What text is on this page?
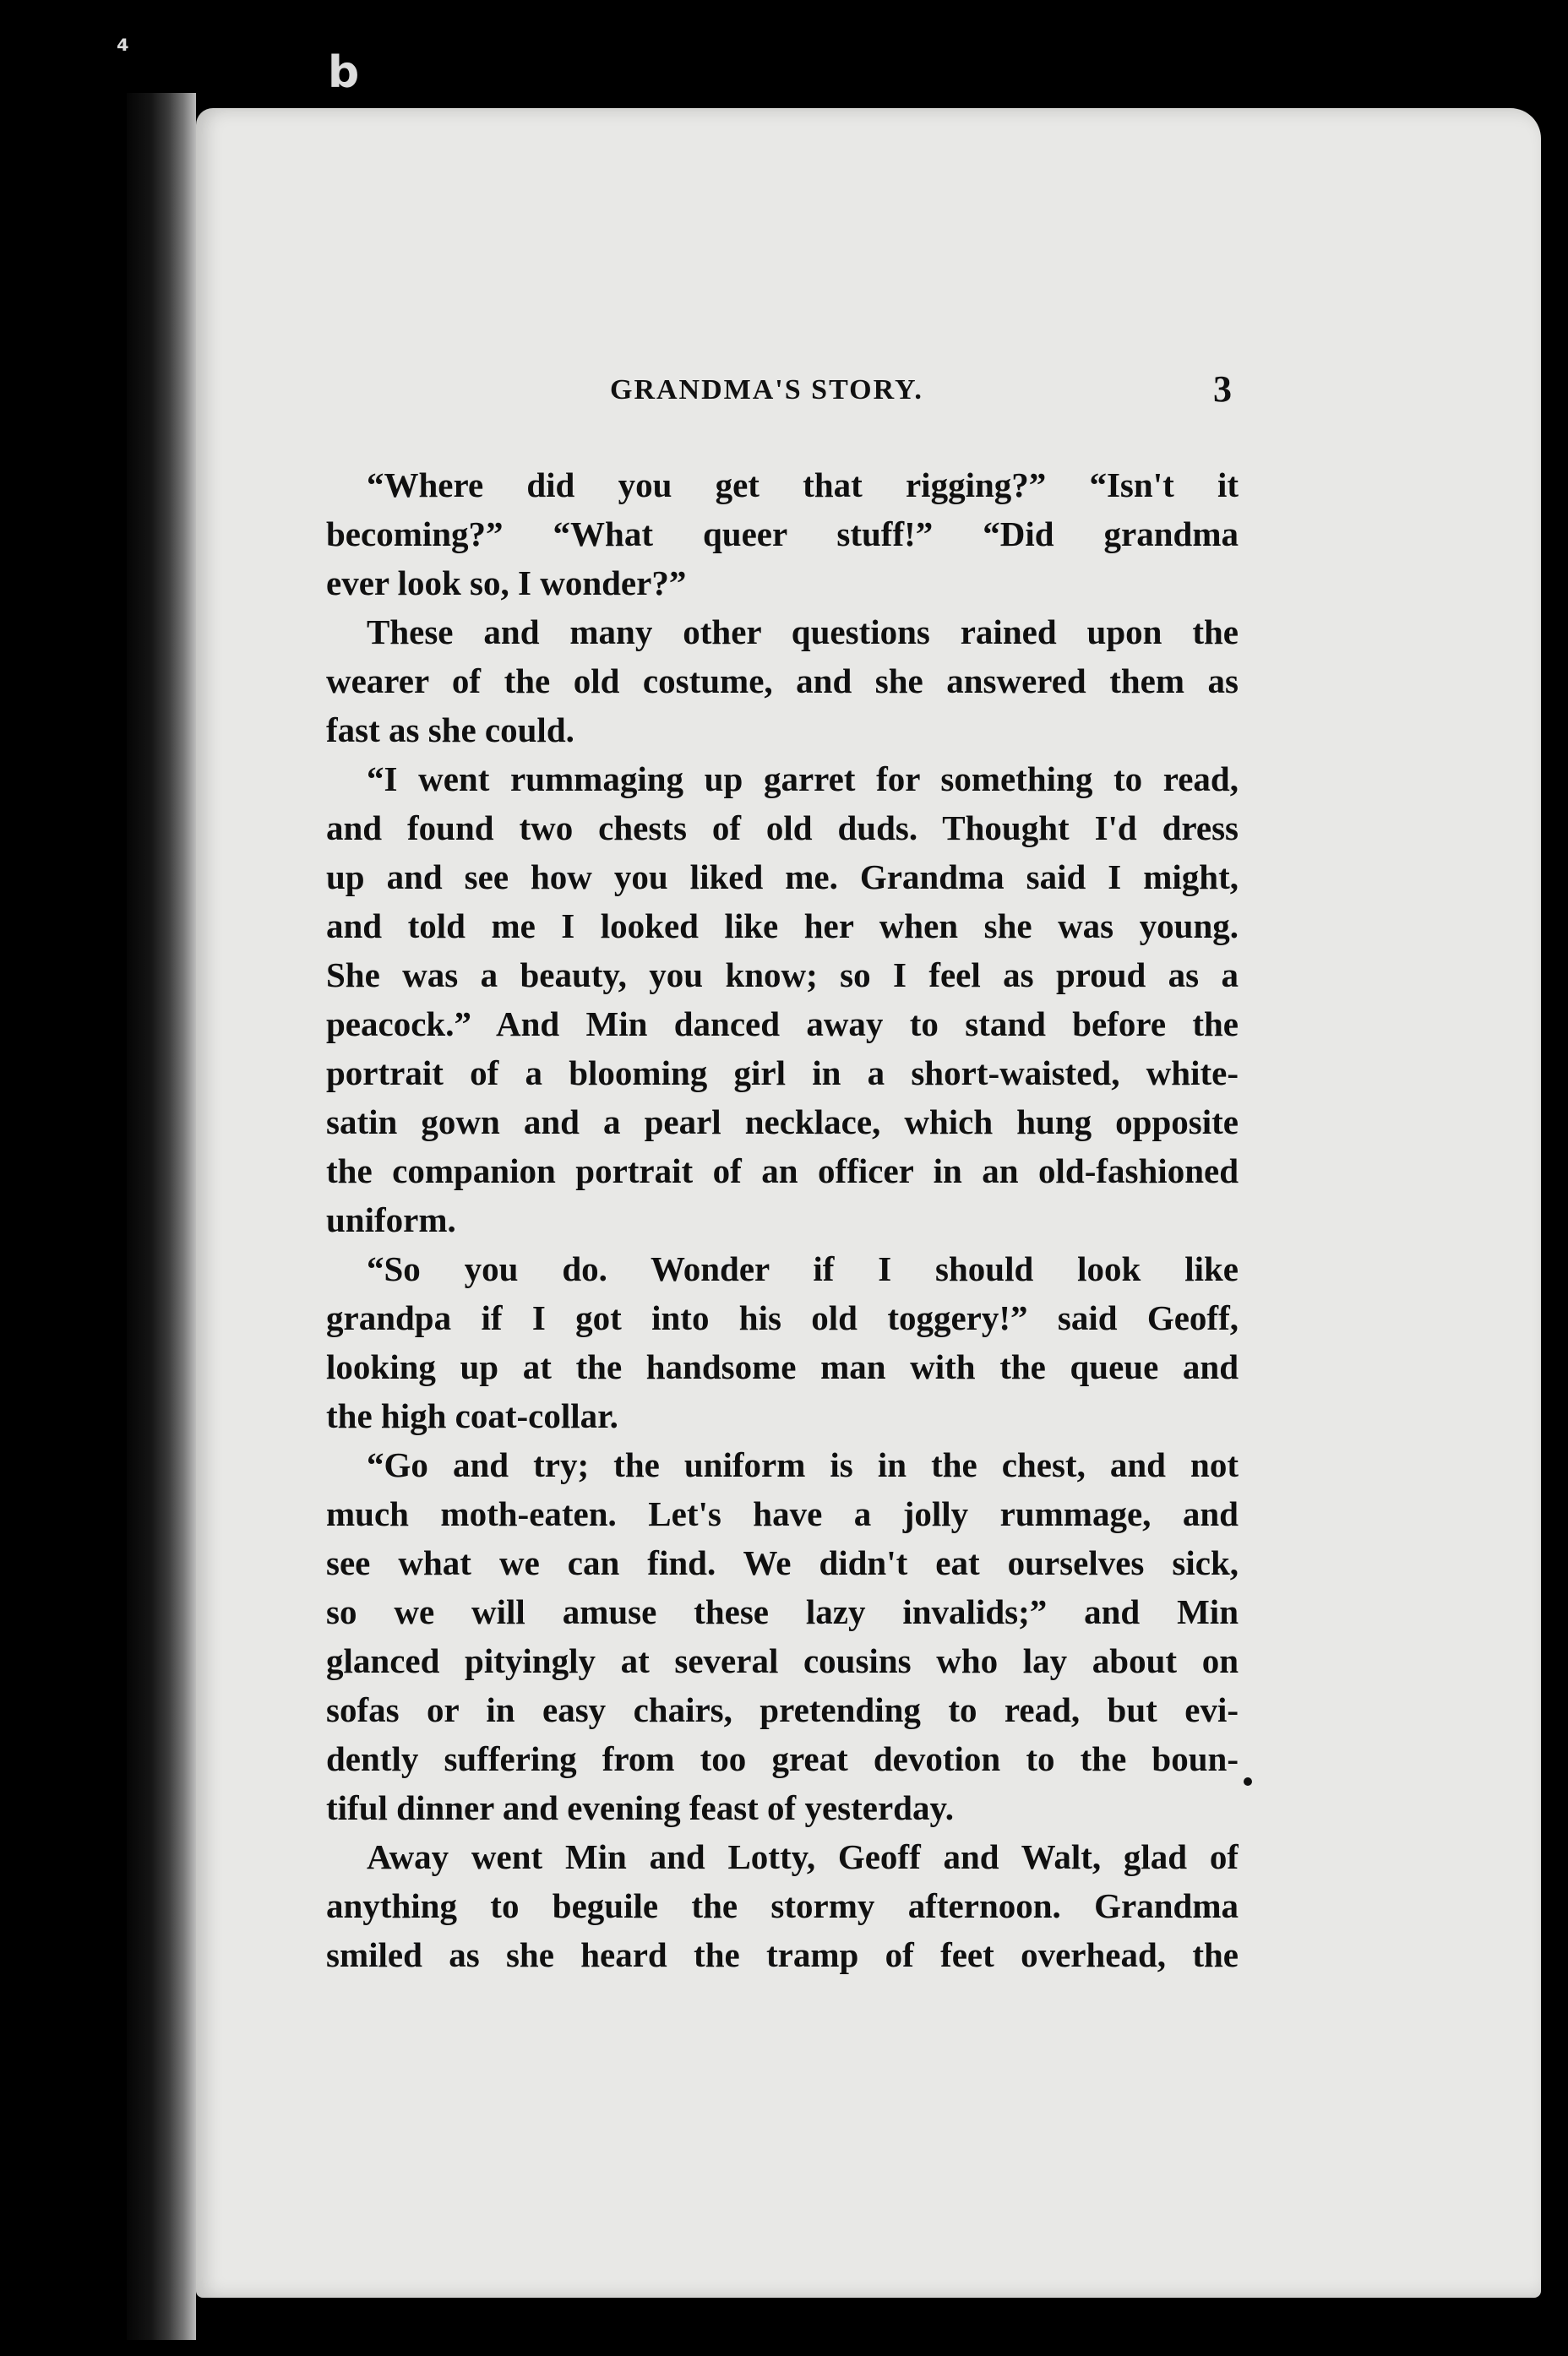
b
⁴
GRANDMA'S STORY.	3
“Where did you get that rigging?” “Isn't it
becoming?” “What queer stuff!” “Did grandma
ever look so, I wonder?”
These and many other questions rained upon the
wearer of the old costume, and she answered them as
fast as she could.
“I went rummaging up garret for something to read,
and found two chests of old duds. Thought I'd dress
up and see how you liked me. Grandma said I might,
and told me I looked like her when she was young.
She was a beauty, you know; so I feel as proud as a
peacock.” And Min danced away to stand before the
portrait of a blooming girl in a short-waisted, white-
satin gown and a pearl necklace, which hung opposite
the companion portrait of an officer in an old-fashioned
uniform.
“So you do. Wonder if I should look like
grandpa if I got into his old toggery!” said Geoff,
looking up at the handsome man with the queue and
the high coat-collar.
“Go and try; the uniform is in the chest, and not
much moth-eaten. Let's have a jolly rummage, and
see what we can find. We didn't eat ourselves sick,
so we will amuse these lazy invalids;” and Min
glanced pityingly at several cousins who lay about on
sofas or in easy chairs, pretending to read, but evi-
dently suffering from too great devotion to the boun-
tiful dinner and evening feast of yesterday.
Away went Min and Lotty, Geoff and Walt, glad of
anything to beguile the stormy afternoon. Grandma
smiled as she heard the tramp of feet overhead, the
